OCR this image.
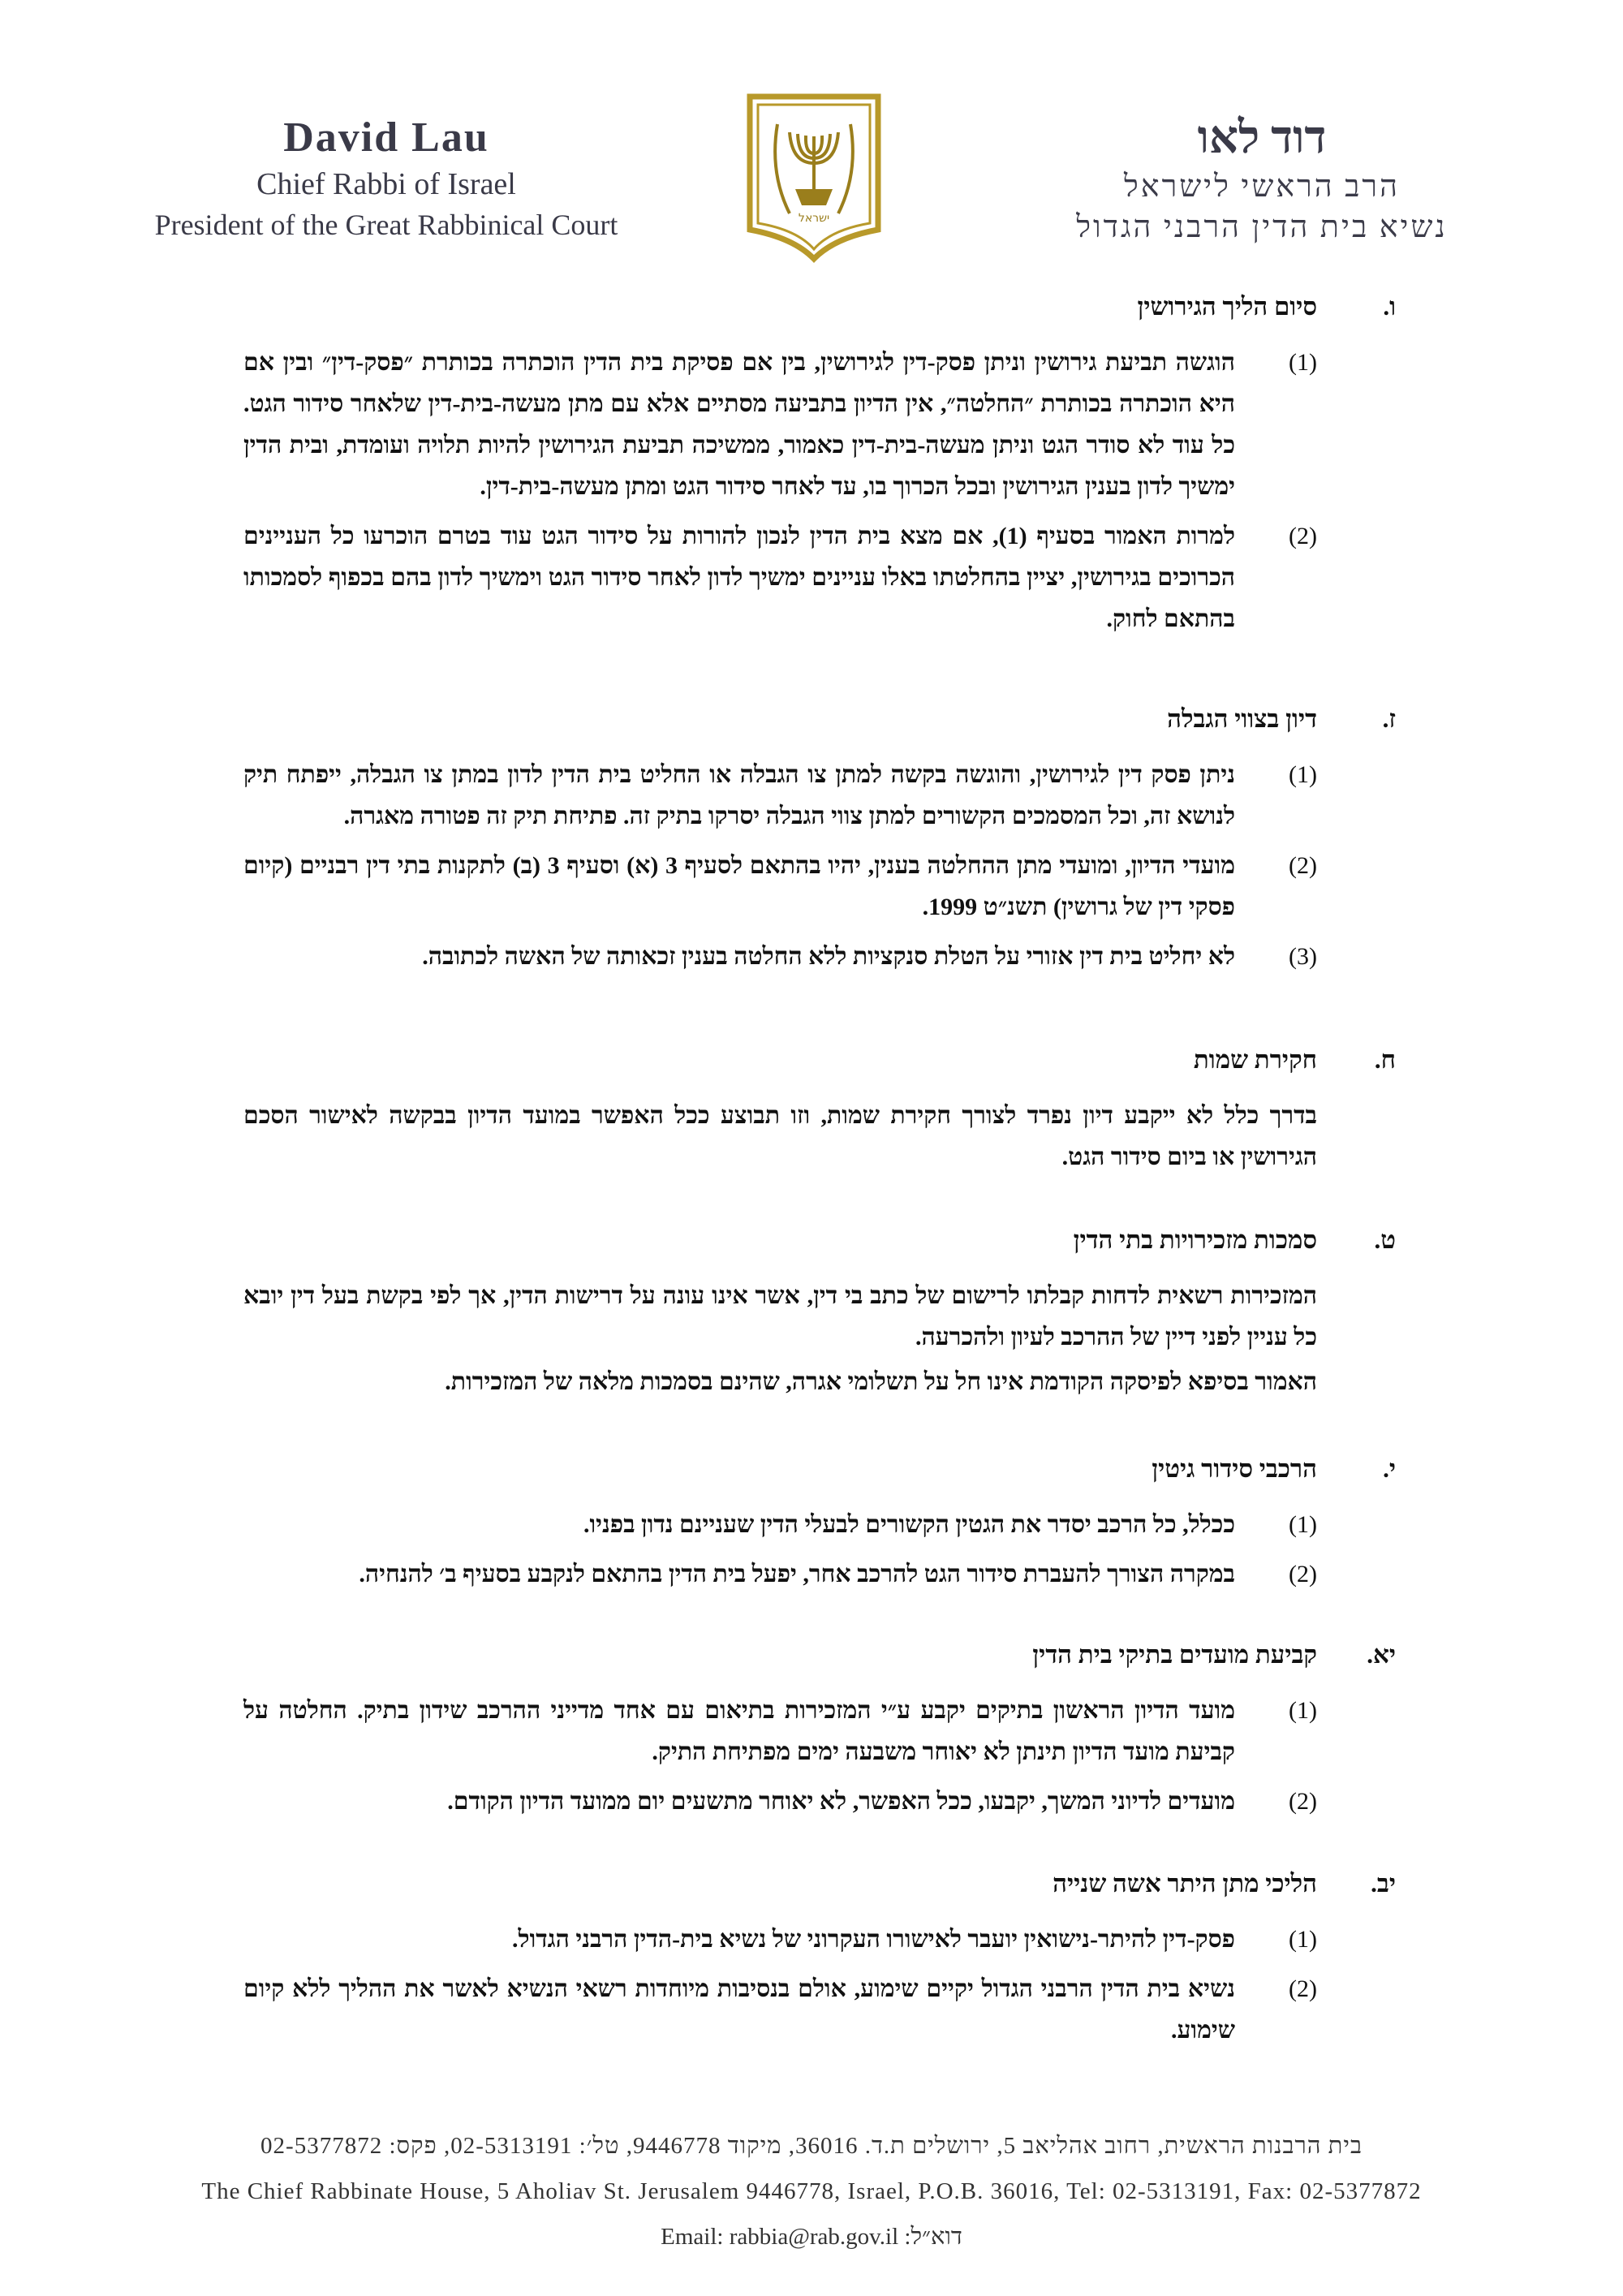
David Lau
Chief Rabbi of Israel
President of the Great Rabbinical Court	ישראל
דוד לאו
הרב הראשי לישראל
נשיא בית הדין הרבני הגדול
ו.
סיום הליך הגירושין
(1)
הוגשה תביעת גירושין וניתן פסק-דין לגירושין, בין אם פסיקת בית הדין הוכתרה בכותרת ״פסק-דין״ ובין אם היא הוכתרה בכותרת ״החלטה״, אין הדיון בתביעה מסתיים אלא עם מתן מעשה-בית-דין שלאחר סידור הגט. כל עוד לא סודר הגט וניתן מעשה-בית-דין כאמור, ממשיכה תביעת הגירושין להיות תלויה ועומדת, ובית הדין ימשיך לדון בענין הגירושין ובכל הכרוך בו, עד לאחר סידור הגט ומתן מעשה-בית-דין.
(2)
למרות האמור בסעיף (1), אם מצא בית הדין לנכון להורות על סידור הגט עוד בטרם הוכרעו כל העניינים הכרוכים בגירושין, יציין בהחלטתו באלו עניינים ימשיך לדון לאחר סידור הגט וימשיך לדון בהם בכפוף לסמכותו בהתאם לחוק.
ז.
דיון בצווי הגבלה
(1)
ניתן פסק דין לגירושין, והוגשה בקשה למתן צו הגבלה או החליט בית הדין לדון במתן צו הגבלה, ייפתח תיק לנושא זה, וכל המסמכים הקשורים למתן צווי הגבלה יסרקו בתיק זה. פתיחת תיק זה פטורה מאגרה.
(2)
מועדי הדיון, ומועדי מתן ההחלטה בענין, יהיו בהתאם לסעיף 3 (א) וסעיף 3 (ב) לתקנות בתי דין רבניים (קיום פסקי דין של גרושין) תשנ״ט 1999.
(3)
לא יחליט בית דין אזורי על הטלת סנקציות ללא החלטה בענין זכאותה של האשה לכתובה.
ח.
חקירת שמות
בדרך כלל לא ייקבע דיון נפרד לצורך חקירת שמות, וזו תבוצע ככל האפשר במועד הדיון בבקשה לאישור הסכם הגירושין או ביום סידור הגט.
ט.
סמכות מזכירויות בתי הדין
המזכירות רשאית לדחות קבלתו לרישום של כתב בי דין, אשר אינו עונה על דרישות הדין, אך לפי בקשת בעל דין יובא כל עניין לפני דיין של ההרכב לעיון ולהכרעה.
האמור בסיפא לפיסקה הקודמת אינו חל על תשלומי אגרה, שהינם בסמכות מלאה של המזכירות.
י.
הרכבי סידור גיטין
(1)
ככלל, כל הרכב יסדר את הגטין הקשורים לבעלי הדין שעניינם נדון בפניו.
(2)
במקרה הצורך להעברת סידור הגט להרכב אחר, יפעל בית הדין בהתאם לנקבע בסעיף ב׳ להנחיה.
יא.
קביעת מועדים בתיקי בית הדין
(1)
מועד הדיון הראשון בתיקים יקבע ע״י המזכירות בתיאום עם אחד מדייני ההרכב שידון בתיק. החלטה על קביעת מועד הדיון תינתן לא יאוחר משבעה ימים מפתיחת התיק.
(2)
מועדים לדיוני המשך, יקבעו, ככל האפשר, לא יאוחר מתשעים יום ממועד הדיון הקודם.
יב.
הליכי מתן היתר אשה שנייה
(1)
פסק-דין להיתר-נישואין יועבר לאישורו העקרוני של נשיא בית-הדין הרבני הגדול.
(2)
נשיא בית הדין הרבני הגדול יקיים שימוע, אולם בנסיבות מיוחדות רשאי הנשיא לאשר את ההליך ללא קיום שימוע.
בית הרבנות הראשית, רחוב אהליאב 5, ירושלים ת.ד. 36016, מיקוד 9446778, טל׳: 02-5313191, פקס: 02-5377872
The Chief Rabbinate House, 5 Aholiav St. Jerusalem 9446778, Israel, P.O.B. 36016, Tel: 02-5313191, Fax: 02-5377872
Email: rabbia@rab.gov.il דוא״ל:
